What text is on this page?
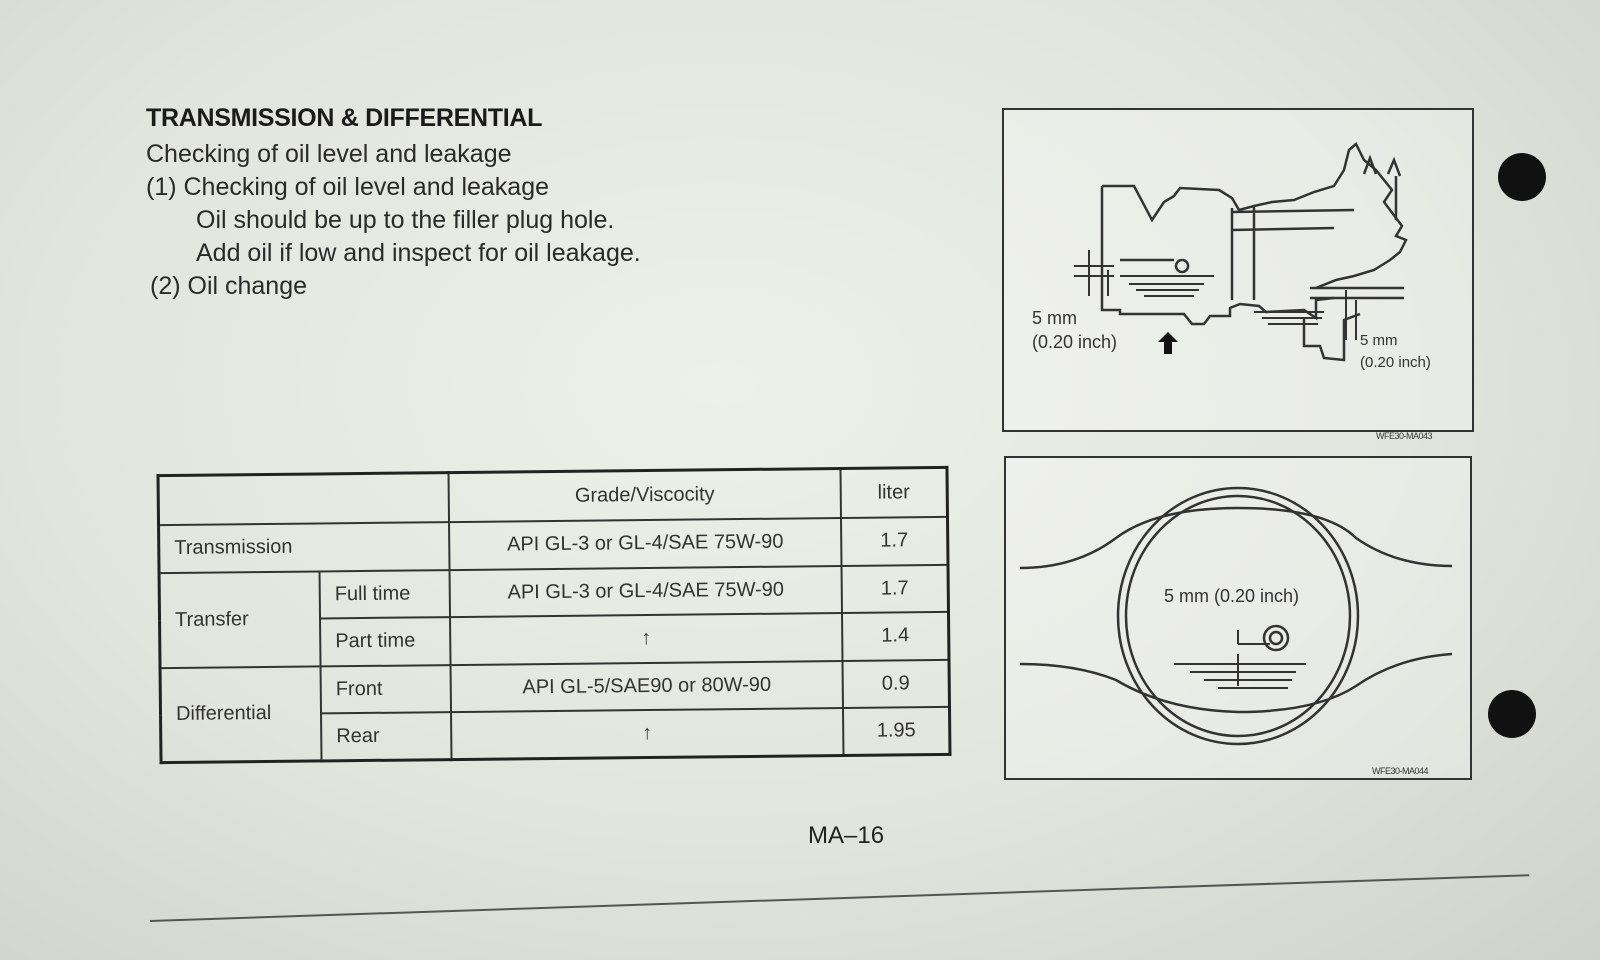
TRANSMISSION & DIFFERENTIAL
Checking of oil level and leakage
(1) Checking of oil level and leakage
Oil should be up to the filler plug hole.
Add oil if low and inspect for oil leakage.
(2) Oil change
		Grade/Viscocity	liter
Transmission		API GL-3 or GL-4/SAE 75W-90	1.7
Transfer	Full time	API GL-3 or GL-4/SAE 75W-90	1.7
	Part time	↑	1.4
Differential	Front	API GL-5/SAE90 or 80W-90	0.9
	Rear	↑	1.95
5 mm
(0.20 inch)	5 mm
(0.20 inch)
WFE30-MA043
5 mm (0.20 inch)
WFE30-MA044
MA–16
